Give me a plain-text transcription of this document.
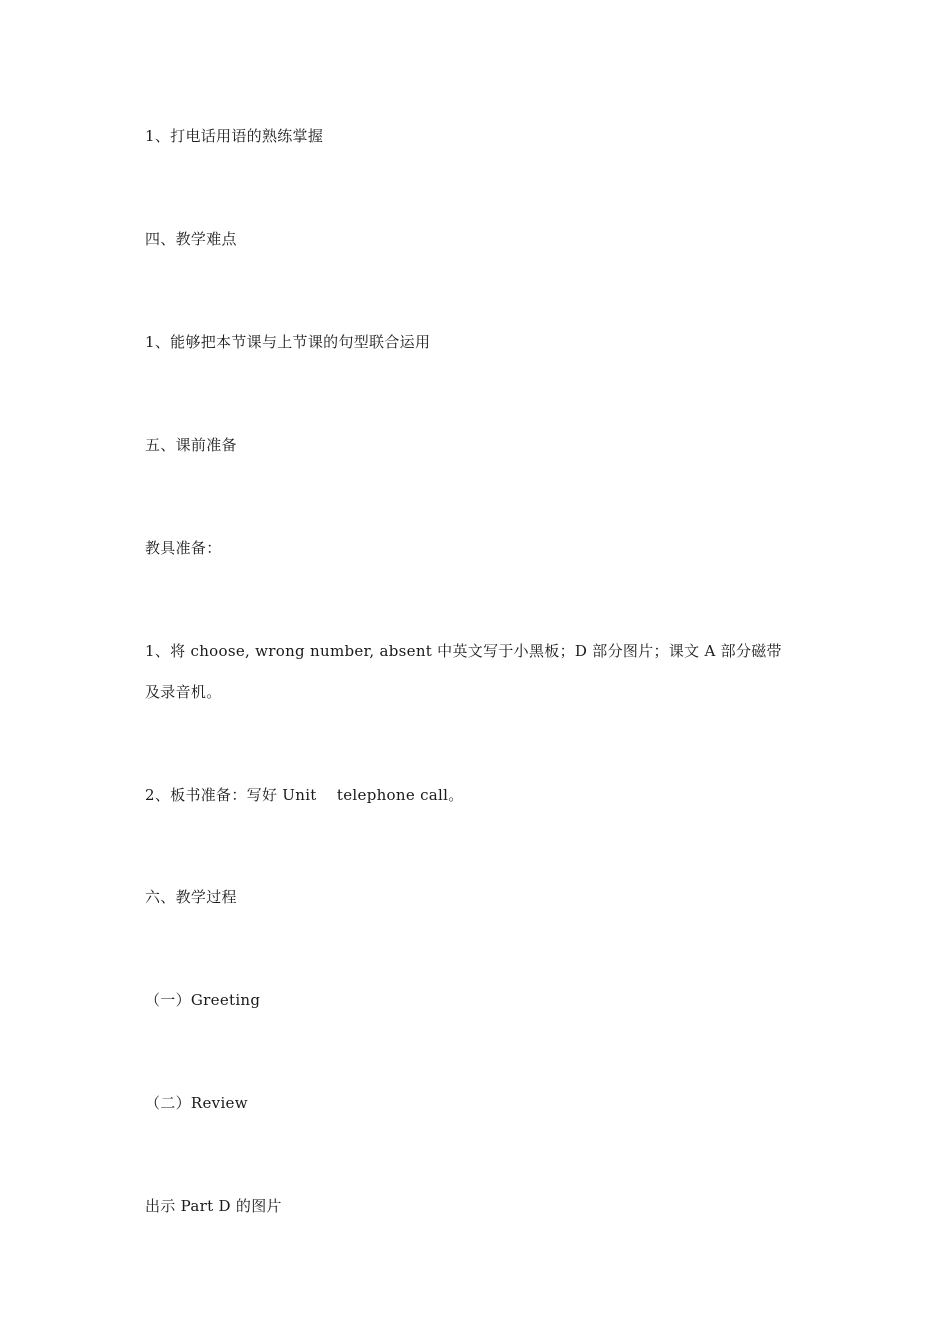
1、打电话用语的熟练掌握
四、教学难点
1、能够把本节课与上节课的句型联合运用
五、课前准备
教具准备：
1、将 choose, wrong number, absent 中英文写于小黑板；D 部分图片；课文 A 部分磁带
及录音机。
2、板书准备：写好 Unit    telephone call。
六、教学过程
（一）Greeting
（二）Review
出示 Part D 的图片
